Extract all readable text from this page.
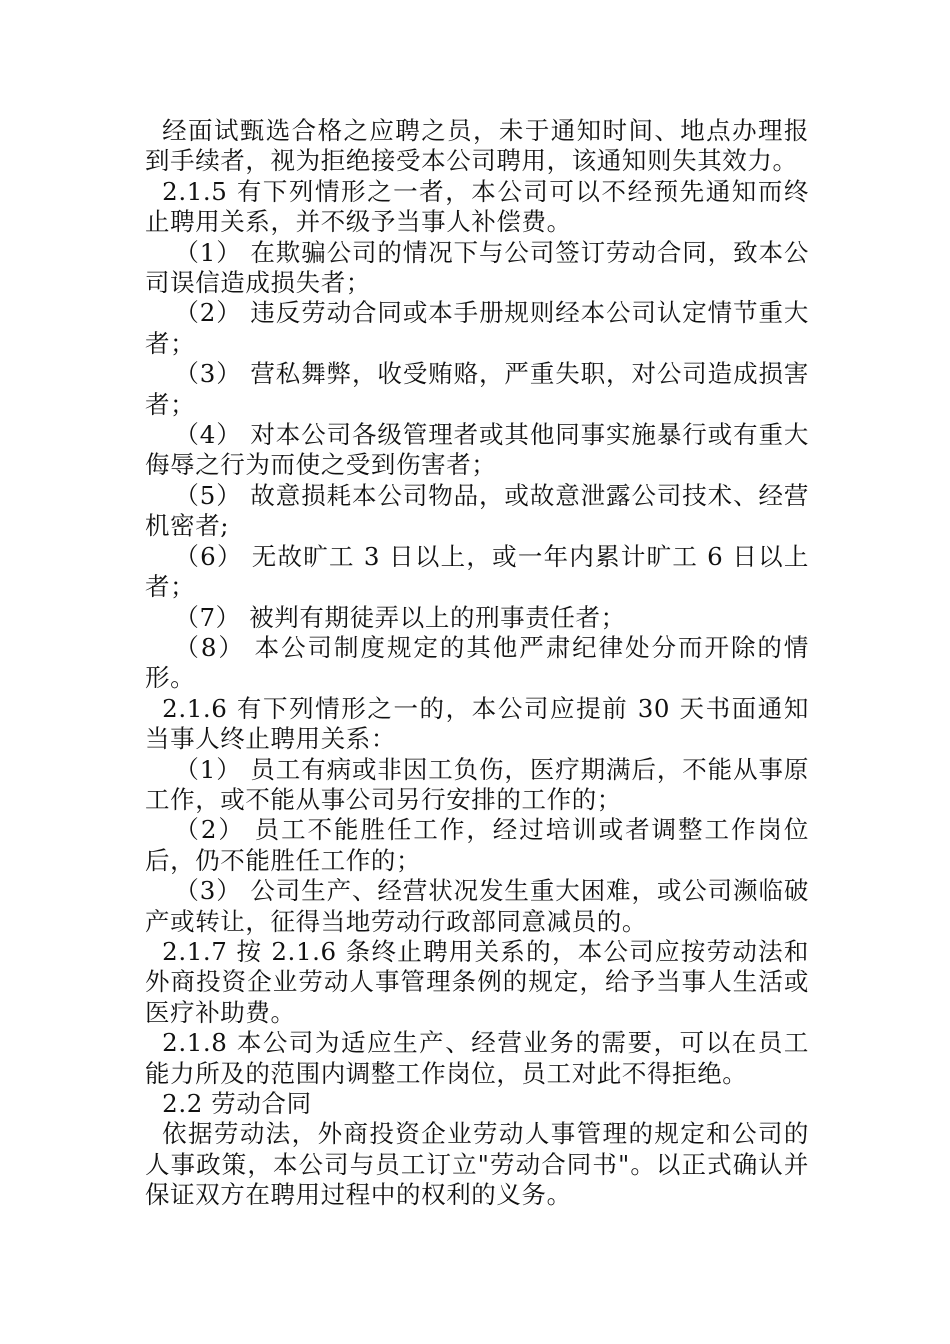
经面试甄选合格之应聘之员，未于通知时间、地点办理报到手续者，视为拒绝接受本公司聘用，该通知则失其效力。

2.1.5 有下列情形之一者，本公司可以不经预先通知而终止聘用关系，并不级予当事人补偿费。

（1） 在欺骗公司的情况下与公司签订劳动合同，致本公司误信造成损失者；

（2） 违反劳动合同或本手册规则经本公司认定情节重大者；

（3） 营私舞弊，收受贿赂，严重失职，对公司造成损害者；

（4） 对本公司各级管理者或其他同事实施暴行或有重大侮辱之行为而使之受到伤害者；

（5） 故意损耗本公司物品，或故意泄露公司技术、经营机密者;

（6） 无故旷工 3 日以上，或一年内累计旷工 6 日以上者；

（7） 被判有期徒弄以上的刑事责任者；

（8） 本公司制度规定的其他严肃纪律处分而开除的情形。

2.1.6 有下列情形之一的，本公司应提前 30 天书面通知当事人终止聘用关系：

（1） 员工有病或非因工负伤，医疗期满后，不能从事原工作，或不能从事公司另行安排的工作的；

（2） 员工不能胜任工作，经过培训或者调整工作岗位后，仍不能胜任工作的；

（3） 公司生产、经营状况发生重大困难，或公司濒临破产或转让，征得当地劳动行政部同意减员的。

2.1.7 按 2.1.6 条终止聘用关系的，本公司应按劳动法和外商投资企业劳动人事管理条例的规定，给予当事人生活或医疗补助费。

2.1.8 本公司为适应生产、经营业务的需要，可以在员工能力所及的范围内调整工作岗位，员工对此不得拒绝。

2.2 劳动合同

依据劳动法，外商投资企业劳动人事管理的规定和公司的人事政策，本公司与员工订立"劳动合同书"。以正式确认并保证双方在聘用过程中的权利的义务。
